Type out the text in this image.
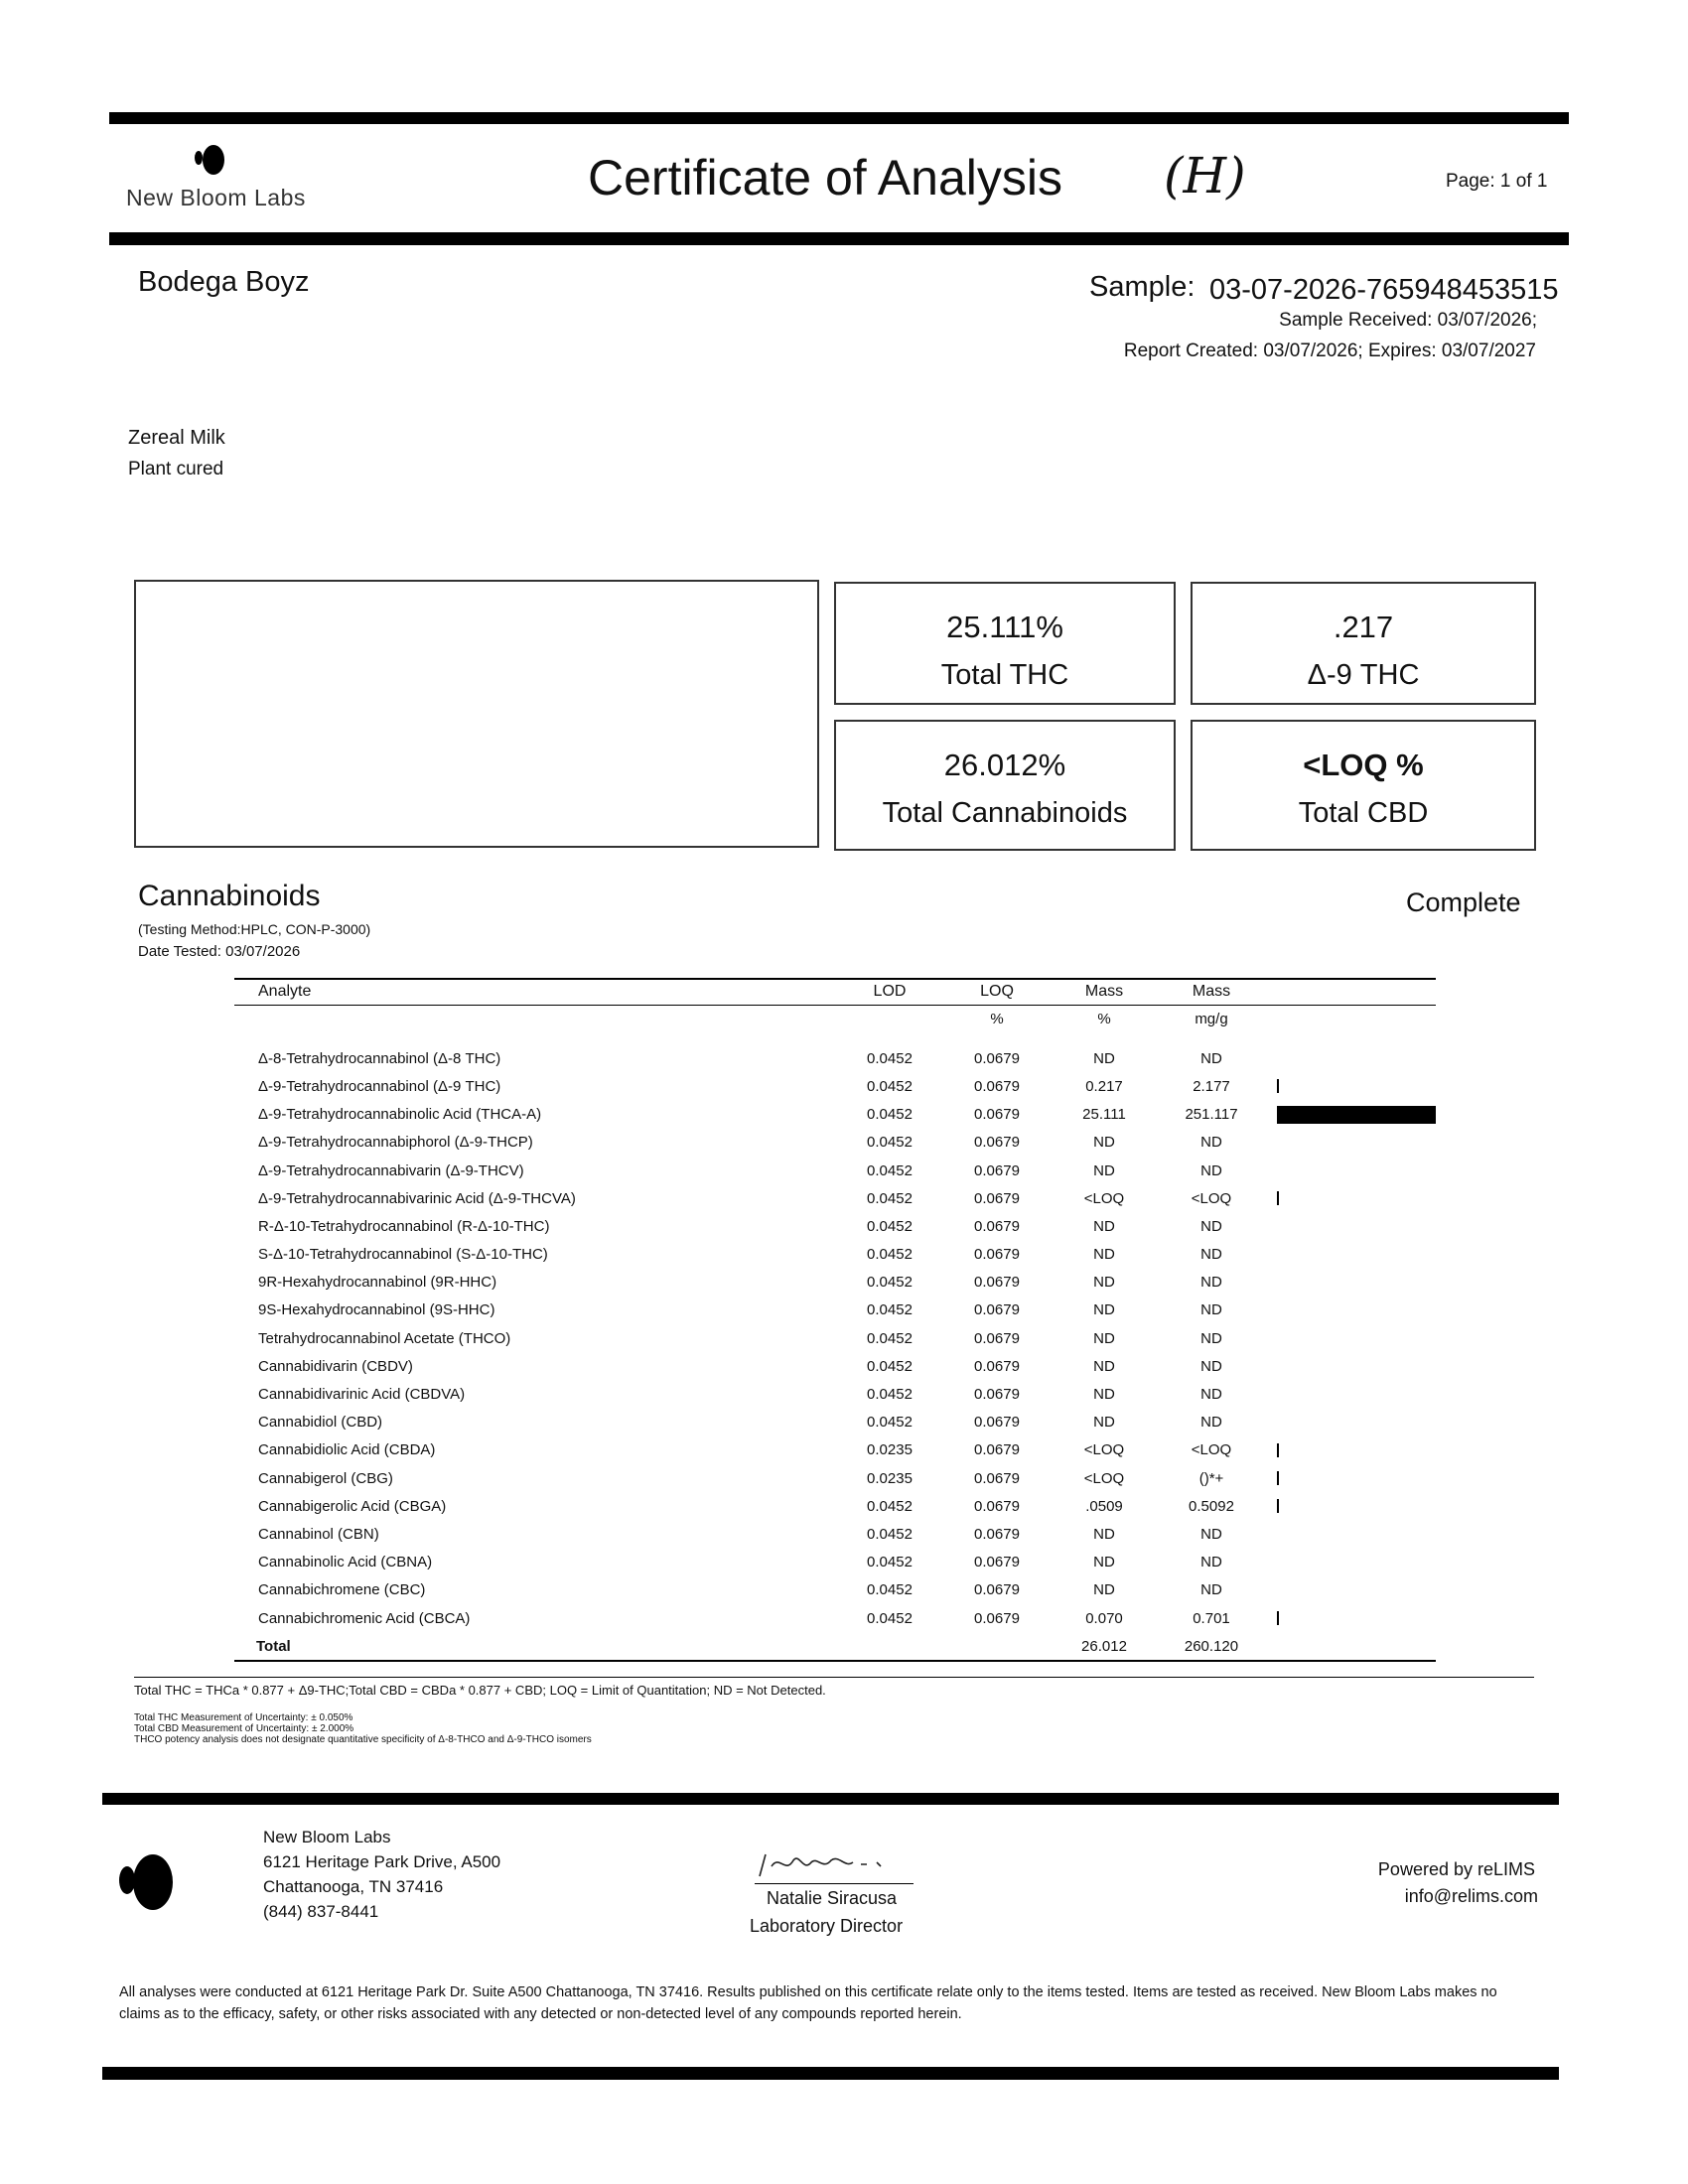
New Bloom Labs	Certificate of Analysis (H)	Page: 1 of 1
Bodega Boyz	Sample: 03-07-2026-765948453515
Sample Received: 03/07/2026;
Report Created: 03/07/2026; Expires: 03/07/2027
Zereal Milk
Plant cured
25.111%
Total THC
.217
Δ-9 THC
26.012%
Total Cannabinoids
<LOQ %
Total CBD
Cannabinoids
(Testing Method:HPLC, CON-P-3000)
Date Tested: 03/07/2026
Complete
Analyte	LOD	LOQ	Mass	Mass	
		%	%	mg/g	

Δ-8-Tetrahydrocannabinol (Δ-8 THC)	0.0452	0.0679	ND	ND	
Δ-9-Tetrahydrocannabinol (Δ-9 THC)	0.0452	0.0679	0.217	2.177	

Δ-9-Tetrahydrocannabinolic Acid (THCA-A)	0.0452	0.0679	25.111	251.117	

Δ-9-Tetrahydrocannabiphorol (Δ-9-THCP)	0.0452	0.0679	ND	ND	
Δ-9-Tetrahydrocannabivarin (Δ-9-THCV)	0.0452	0.0679	ND	ND	
Δ-9-Tetrahydrocannabivarinic Acid (Δ-9-THCVA)	0.0452	0.0679	<LOQ	<LOQ	

R-Δ-10-Tetrahydrocannabinol (R-Δ-10-THC)	0.0452	0.0679	ND	ND	
S-Δ-10-Tetrahydrocannabinol (S-Δ-10-THC)	0.0452	0.0679	ND	ND	
9R-Hexahydrocannabinol (9R-HHC)	0.0452	0.0679	ND	ND	
9S-Hexahydrocannabinol (9S-HHC)	0.0452	0.0679	ND	ND	
Tetrahydrocannabinol Acetate (THCO)	0.0452	0.0679	ND	ND	
Cannabidivarin (CBDV)	0.0452	0.0679	ND	ND	
Cannabidivarinic Acid (CBDVA)	0.0452	0.0679	ND	ND	
Cannabidiol (CBD)	0.0452	0.0679	ND	ND	
Cannabidiolic Acid (CBDA)	0.0235	0.0679	<LOQ	<LOQ	

Cannabigerol (CBG)	0.0235	0.0679	<LOQ	()*+	

Cannabigerolic Acid (CBGA)	0.0452	0.0679	.0509	0.5092	

Cannabinol (CBN)	0.0452	0.0679	ND	ND	
Cannabinolic Acid (CBNA)	0.0452	0.0679	ND	ND	
Cannabichromene (CBC)	0.0452	0.0679	ND	ND	
Cannabichromenic Acid (CBCA)	0.0452	0.0679	0.070	0.701	

Total			26.012	260.120	
Total THC = THCa * 0.877 + Δ9-THC;Total CBD = CBDa * 0.877 + CBD; LOQ = Limit of Quantitation; ND = Not Detected.
Total THC Measurement of Uncertainty: ± 0.050%
Total CBD Measurement of Uncertainty: ± 2.000%
THCO potency analysis does not designate quantitative specificity of Δ-8-THCO and Δ-9-THCO isomers
New Bloom Labs
6121 Heritage Park Drive, A500
Chattanooga, TN 37416
(844) 837-8441
Natalie Siracusa
Laboratory Director
Powered by reLIMS
info@relims.com
All analyses were conducted at 6121 Heritage Park Dr. Suite A500 Chattanooga, TN 37416. Results published on this certificate relate only to the items tested. Items are tested as received. New Bloom Labs makes no claims as to the efficacy, safety, or other risks associated with any detected or non-detected level of any compounds reported herein.
